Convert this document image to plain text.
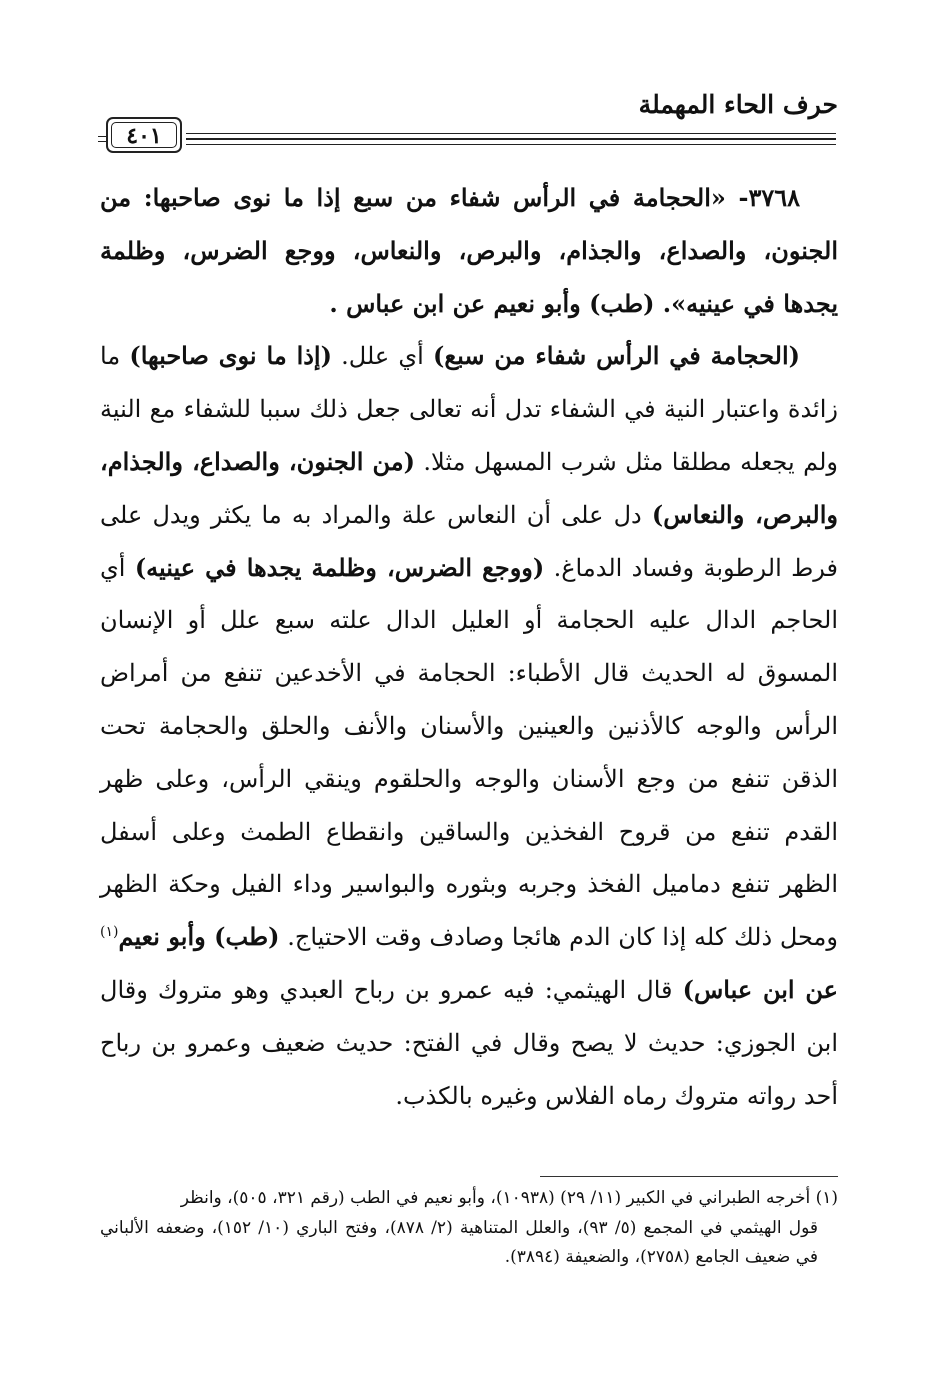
حرف الحاء المهملة
٤٠١

٣٧٦٨- «الحجامة في الرأس شفاء من سبع إذا ما نوى صاحبها: من الجنون، والصداع، والجذام، والبرص، والنعاس، ووجع الضرس، وظلمة يجدها في عينيه». (طب) وأبو نعيم عن ابن عباس .

(الحجامة في الرأس شفاء من سبع) أي علل. (إذا ما نوى صاحبها) ما زائدة واعتبار النية في الشفاء تدل أنه تعالى جعل ذلك سببا للشفاء مع النية ولم يجعله مطلقا مثل شرب المسهل مثلا. (من الجنون، والصداع، والجذام، والبرص، والنعاس) دل على أن النعاس علة والمراد به ما يكثر ويدل على فرط الرطوبة وفساد الدماغ. (ووجع الضرس، وظلمة يجدها في عينيه) أي الحاجم الدال عليه الحجامة أو العليل الدال علته سبع علل أو الإنسان المسوق له الحديث قال الأطباء: الحجامة في الأخدعين تنفع من أمراض الرأس والوجه كالأذنين والعينين والأسنان والأنف والحلق والحجامة تحت الذقن تنفع من وجع الأسنان والوجه والحلقوم وينقي الرأس، وعلى ظهر القدم تنفع من قروح الفخذين والساقين وانقطاع الطمث وعلى أسفل الظهر تنفع دماميل الفخذ وجربه وبثوره والبواسير وداء الفيل وحكة الظهر ومحل ذلك كله إذا كان الدم هائجا وصادف وقت الاحتياج. (طب) وأبو نعيم$^{(١)}$ عن ابن عباس) قال الهيثمي: فيه عمرو بن رباح العبدي وهو متروك وقال ابن الجوزي: حديث لا يصح وقال في الفتح: حديث ضعيف وعمرو بن رباح أحد رواته متروك رماه الفلاس وغيره بالكذب.

(١) أخرجه الطبراني في الكبير (١١/ ٢٩) (١٠٩٣٨)، وأبو نعيم في الطب (رقم ٣٢١، ٥٠٥)، وانظر

قول الهيثمي في المجمع (٥/ ٩٣)، والعلل المتناهية (٢/ ٨٧٨)، وفتح الباري (١٠/ ١٥٢)، وضعفه الألباني في ضعيف الجامع (٢٧٥٨)، والضعيفة (٣٨٩٤).
